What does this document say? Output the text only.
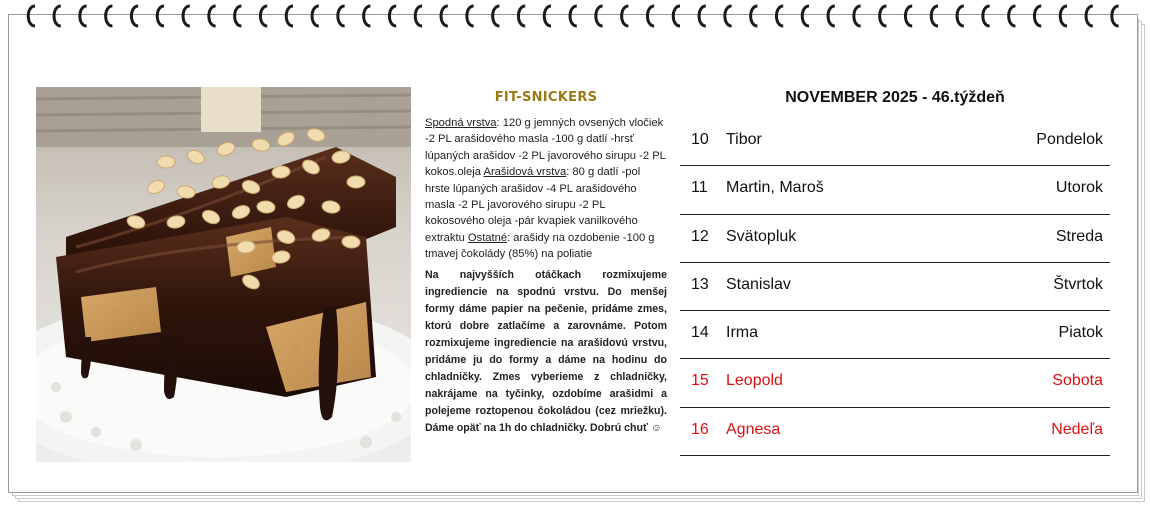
FIT-SNICKERS

Spodná vrstva: 120 g jemných ovsených vločiek -2 PL arašidového masla -100 g datlí -hrsť lúpaných arašidov -2 PL javorového sirupu -2 PL kokos.oleja Arašidová vrstva: 80 g datlí -pol hrste lúpaných arašidov -4 PL arašidového masla -2 PL javorového sirupu -2 PL kokosového oleja -pár kvapiek vanilkového extraktu Ostatné: arašidy na ozdobenie -100 g tmavej čokolády (85%) na poliatie

Na najvyšších otáčkach rozmixujeme ingrediencie na spodnú vrstvu. Do menšej formy dáme papier na pečenie, pridáme zmes, ktorú dobre zatlačíme a zarovnáme. Potom rozmixujeme ingrediencie na arašidovú vrstvu, pridáme ju do formy a dáme na hodinu do chladničky. Zmes vyberieme z chladničky, nakrájame na tyčinky, ozdobíme arašidmi a polejeme roztopenou čokoládou (cez mriežku). Dáme opäť na 1h do chladničky. Dobrú chuť ☺
NOVEMBER 2025 - 46.týždeň
10 Tibor	Pondelok
11 Martin, Maroš	Utorok
12 Svätopluk	Streda
13 Stanislav	Štvrtok
14 Irma	Piatok
15 Leopold	Sobota
16 Agnesa	Nedeľa
